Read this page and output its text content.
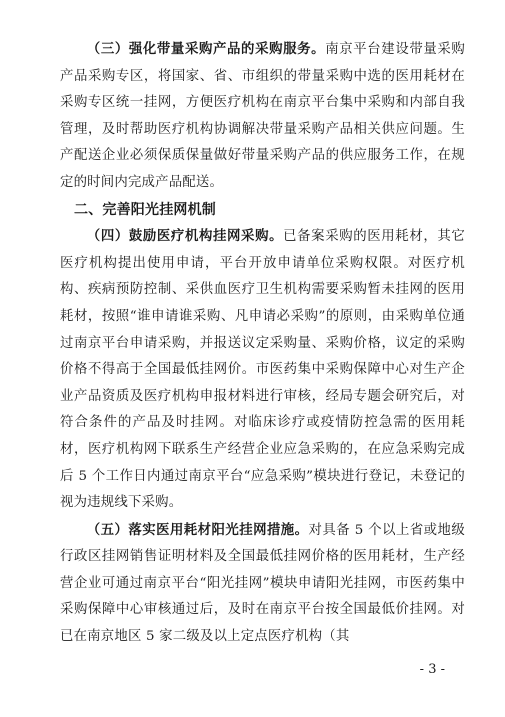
（三）强化带量采购产品的采购服务。南京平台建设带量采购产品采购专区，将国家、省、市组织的带量采购中选的医用耗材在采购专区统一挂网，方便医疗机构在南京平台集中采购和内部自我管理，及时帮助医疗机构协调解决带量采购产品相关供应问题。生产配送企业必须保质保量做好带量采购产品的供应服务工作，在规定的时间内完成产品配送。

二、完善阳光挂网机制

（四）鼓励医疗机构挂网采购。已备案采购的医用耗材，其它医疗机构提出使用申请，平台开放申请单位采购权限。对医疗机构、疾病预防控制、采供血医疗卫生机构需要采购暂未挂网的医用耗材，按照“谁申请谁采购、凡申请必采购”的原则，由采购单位通过南京平台申请采购，并报送议定采购量、采购价格，议定的采购价格不得高于全国最低挂网价。市医药集中采购保障中心对生产企业产品资质及医疗机构申报材料进行审核，经局专题会研究后，对符合条件的产品及时挂网。对临床诊疗或疫情防控急需的医用耗材，医疗机构网下联系生产经营企业应急采购的，在应急采购完成后 5 个工作日内通过南京平台“应急采购”模块进行登记，未登记的视为违规线下采购。

（五）落实医用耗材阳光挂网措施。对具备 5 个以上省或地级行政区挂网销售证明材料及全国最低挂网价格的医用耗材，生产经营企业可通过南京平台“阳光挂网”模块申请阳光挂网，市医药集中采购保障中心审核通过后，及时在南京平台按全国最低价挂网。对已在南京地区 5 家二级及以上定点医疗机构（其

- 3 -
